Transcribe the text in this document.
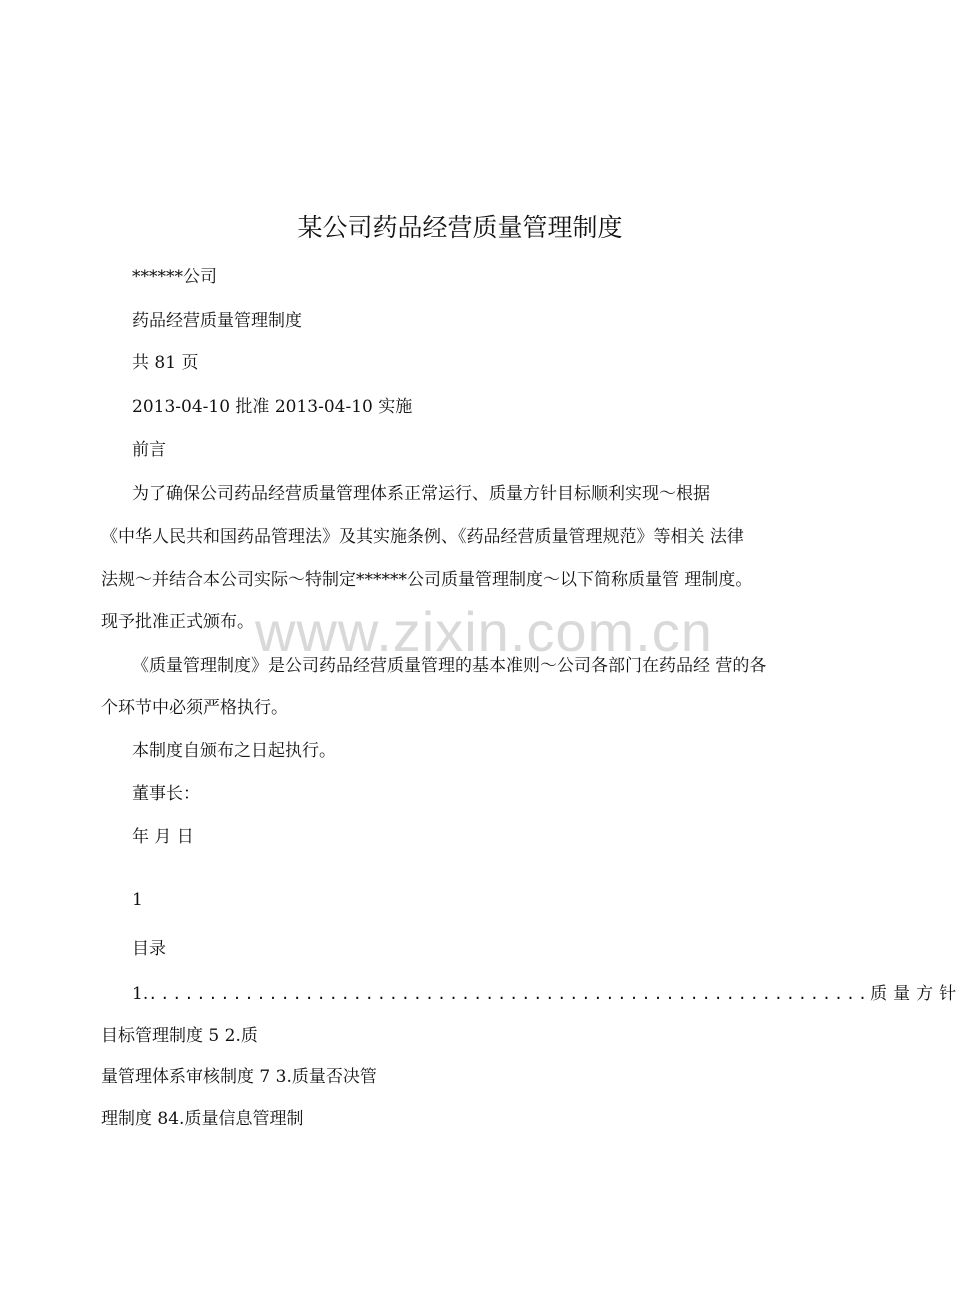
某公司药品经营质量管理制度
******公司
药品经营质量管理制度
共 81 页
2013-04-10 批准 2013-04-10 实施
前言
为了确保公司药品经营质量管理体系正常运行、质量方针目标顺利实现～根据
《中华人民共和国药品管理法》及其实施条例、《药品经营质量管理规范》等相关 法律
法规～并结合本公司实际～特制定******公司质量管理制度～以下简称质量管 理制度。
现予批准正式颁布。
《质量管理制度》是公司药品经营质量管理的基本准则～公司各部门在药品经 营的各
个环节中必须严格执行。
本制度自颁布之日起执行。
董事长：
年 月 日
1
目录
1. ............................................................ 质量方针
目标管理制度 5 2.质
量管理体系审核制度 7 3.质量否决管
理制度 84.质量信息管理制
www.zixin.com.cn
